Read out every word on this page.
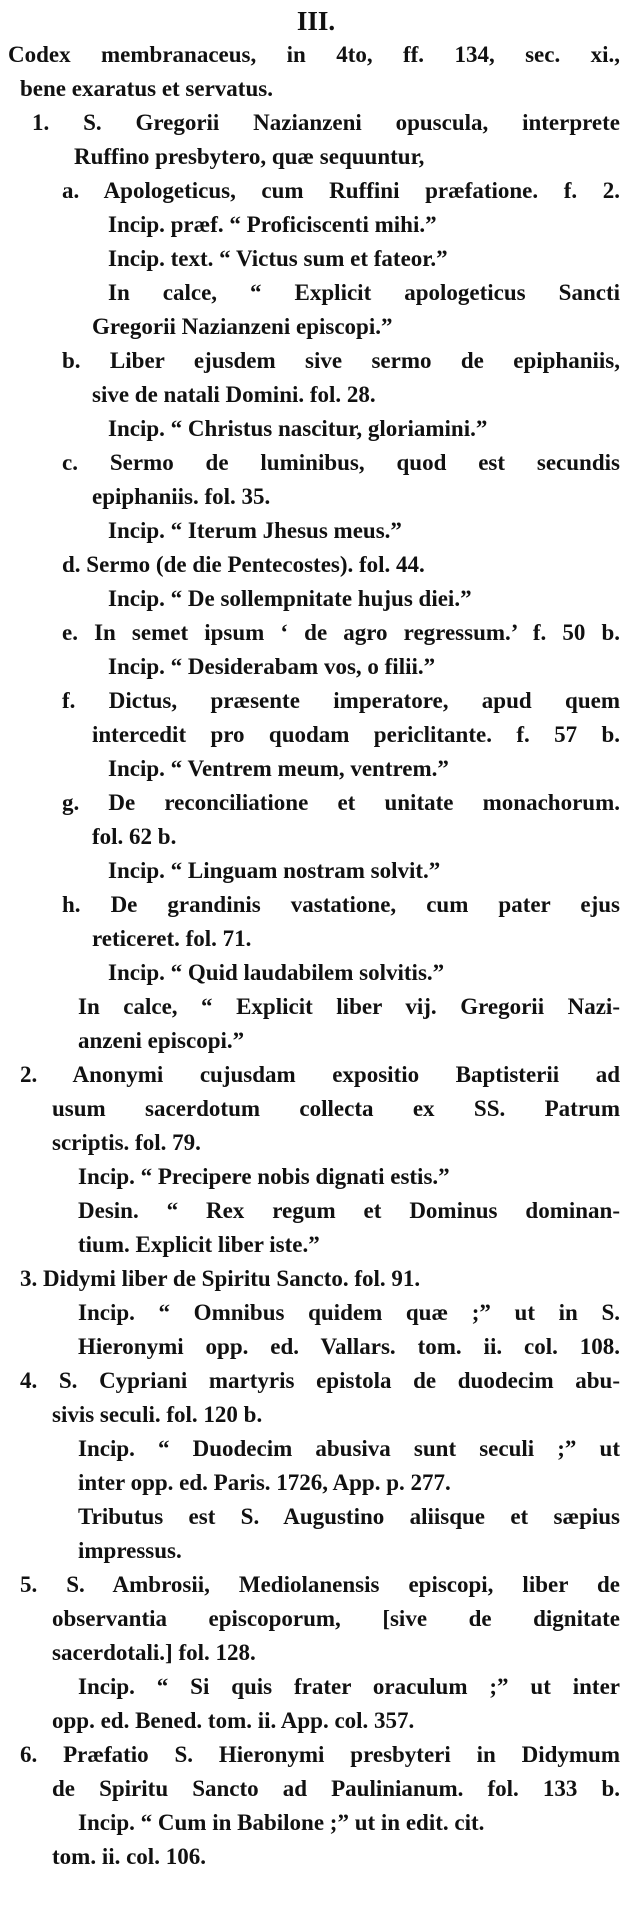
III.
Codex membranaceus, in 4to, ff. 134, sec. xi.,
bene exaratus et servatus.
1. S. Gregorii Nazianzeni opuscula, interprete
Ruffino presbytero, quæ sequuntur,
a. Apologeticus, cum Ruffini præfatione. f. 2.
Incip. præf. “ Proficiscenti mihi.”
Incip. text. “ Victus sum et fateor.”
In calce, “ Explicit apologeticus Sancti
Gregorii Nazianzeni episcopi.”
b. Liber ejusdem sive sermo de epiphaniis,
sive de natali Domini. fol. 28.
Incip. “ Christus nascitur, gloriamini.”
c. Sermo de luminibus, quod est secundis
epiphaniis. fol. 35.
Incip. “ Iterum Jhesus meus.”
d. Sermo (de die Pentecostes). fol. 44.
Incip. “ De sollempnitate hujus diei.”
e. In semet ipsum ‘ de agro regressum.’ f. 50 b.
Incip. “ Desiderabam vos, o filii.”
f. Dictus, præsente imperatore, apud quem
intercedit pro quodam periclitante. f. 57 b.
Incip. “ Ventrem meum, ventrem.”
g. De reconciliatione et unitate monachorum.
fol. 62 b.
Incip. “ Linguam nostram solvit.”
h. De grandinis vastatione, cum pater ejus
reticeret. fol. 71.
Incip. “ Quid laudabilem solvitis.”
In calce, “ Explicit liber vij. Gregorii Nazi-
anzeni episcopi.”
2. Anonymi cujusdam expositio Baptisterii ad
usum sacerdotum collecta ex SS. Patrum
scriptis. fol. 79.
Incip. “ Precipere nobis dignati estis.”
Desin. “ Rex regum et Dominus dominan-
tium. Explicit liber iste.”
3. Didymi liber de Spiritu Sancto. fol. 91.
Incip. “ Omnibus quidem quæ ;” ut in S.
Hieronymi opp. ed. Vallars. tom. ii. col. 108.
4. S. Cypriani martyris epistola de duodecim abu-
sivis seculi. fol. 120 b.
Incip. “ Duodecim abusiva sunt seculi ;” ut
inter opp. ed. Paris. 1726, App. p. 277.
Tributus est S. Augustino aliisque et sæpius
impressus.
5. S. Ambrosii, Mediolanensis episcopi, liber de
observantia episcoporum, [sive de dignitate
sacerdotali.] fol. 128.
Incip. “ Si quis frater oraculum ;” ut inter
opp. ed. Bened. tom. ii. App. col. 357.
6. Præfatio S. Hieronymi presbyteri in Didymum
de Spiritu Sancto ad Paulinianum. fol. 133 b.
Incip. “ Cum in Babilone ;” ut in edit. cit.
tom. ii. col. 106.
